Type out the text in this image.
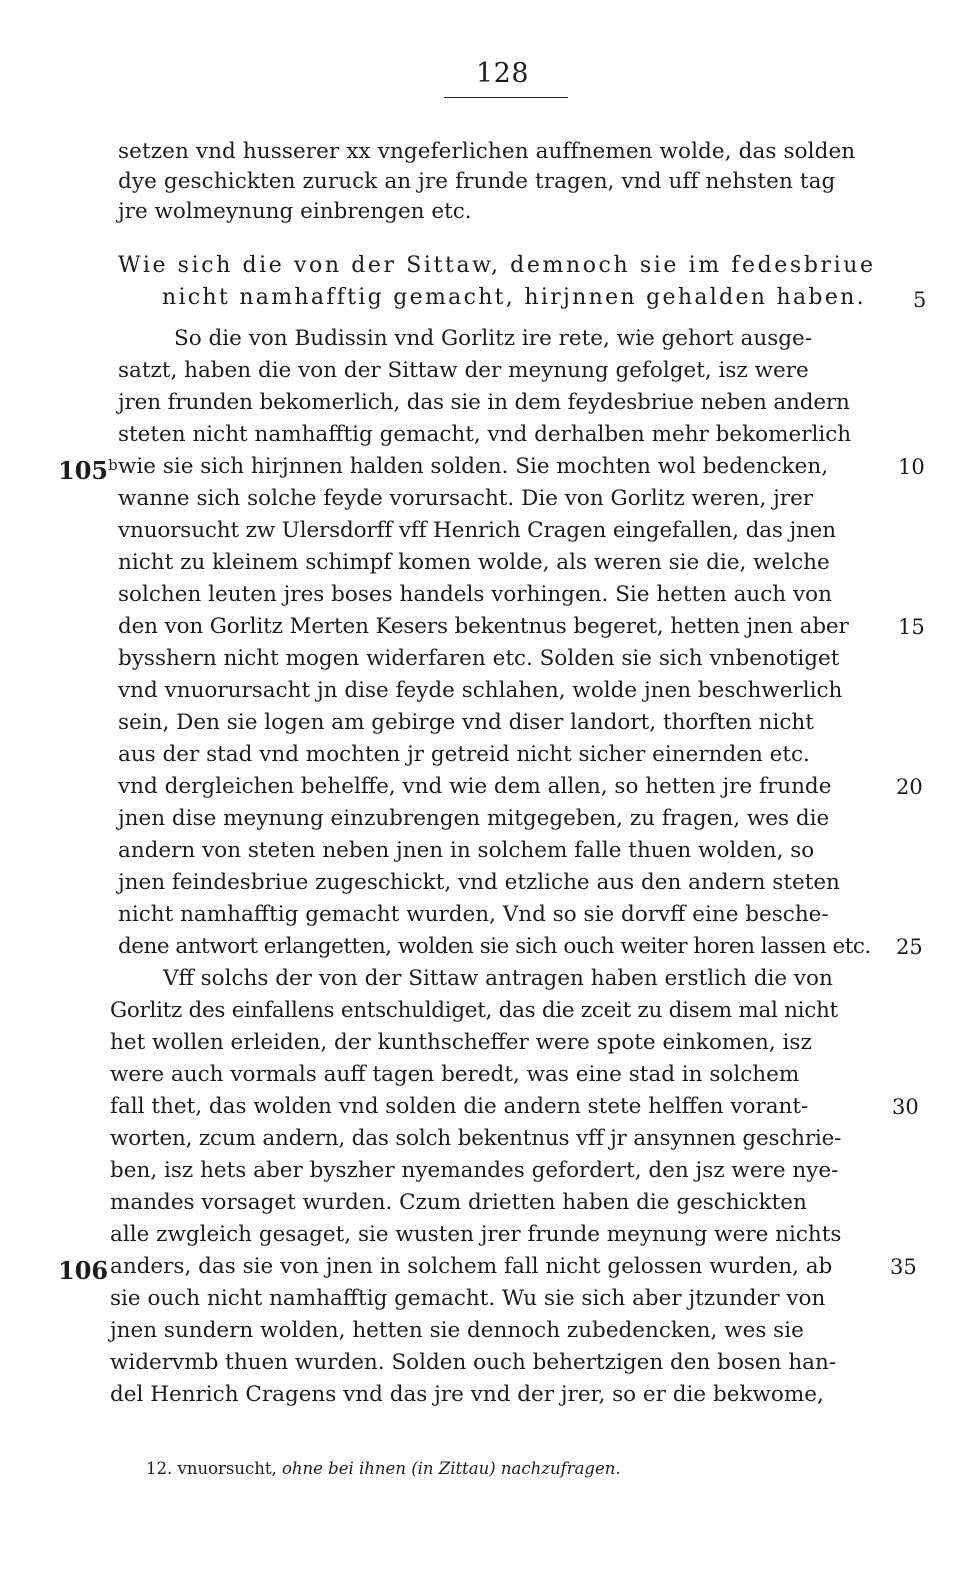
128
setzen vnd husserer xx vngeferlichen auffnemen wolde, das solden
dye geschickten zuruck an jre frunde tragen, vnd uff nehsten tag
jre wolmeynung einbrengen etc.
Wie sich die von der Sittaw, demnoch sie im fedesbriue
nicht namhafftig gemacht, hirjnnen gehalden haben.
So die von Budissin vnd Gorlitz ire rete, wie gehort ausge-
satzt, haben die von der Sittaw der meynung gefolget, isz were
jren frunden bekomerlich, das sie in dem feydesbriue neben andern
steten nicht namhafftig gemacht, vnd derhalben mehr bekomerlich
wie sie sich hirjnnen halden solden. Sie mochten wol bedencken,
wanne sich solche feyde vorursacht. Die von Gorlitz weren, jrer
vnuorsucht zw Ulersdorff vff Henrich Cragen eingefallen, das jnen
nicht zu kleinem schimpf komen wolde, als weren sie die, welche
solchen leuten jres boses handels vorhingen. Sie hetten auch von
den von Gorlitz Merten Kesers bekentnus begeret, hetten jnen aber
bysshern nicht mogen widerfaren etc. Solden sie sich vnbenotiget
vnd vnuorursacht jn dise feyde schlahen, wolde jnen beschwerlich
sein, Den sie logen am gebirge vnd diser landort, thorften nicht
aus der stad vnd mochten jr getreid nicht sicher einernden etc.
vnd dergleichen behelffe, vnd wie dem allen, so hetten jre frunde
jnen dise meynung einzubrengen mitgegeben, zu fragen, wes die
andern von steten neben jnen in solchem falle thuen wolden, so
jnen feindesbriue zugeschickt, vnd etzliche aus den andern steten
nicht namhafftig gemacht wurden, Vnd so sie dorvff eine besche-
dene antwort erlangetten, wolden sie sich ouch weiter horen lassen etc.
Vff solchs der von der Sittaw antragen haben erstlich die von
Gorlitz des einfallens entschuldiget, das die zceit zu disem mal nicht
het wollen erleiden, der kunthscheffer were spote einkomen, isz
were auch vormals auff tagen beredt, was eine stad in solchem
fall thet, das wolden vnd solden die andern stete helffen vorant-
worten, zcum andern, das solch bekentnus vff jr ansynnen geschrie-
ben, isz hets aber byszher nyemandes gefordert, den jsz were nye-
mandes vorsaget wurden. Czum drietten haben die geschickten
alle zwgleich gesaget, sie wusten jrer frunde meynung were nichts
anders, das sie von jnen in solchem fall nicht gelossen wurden, ab
sie ouch nicht namhafftig gemacht. Wu sie sich aber jtzunder von
jnen sundern wolden, hetten sie dennoch zubedencken, wes sie
widervmb thuen wurden. Solden ouch behertzigen den bosen han-
del Henrich Cragens vnd das jre vnd der jrer, so er die bekwome,
5
10
15
20
25
30
35
105$^b$
106
12. vnuorsucht, ohne bei ihnen (in Zittau) nachzufragen.
